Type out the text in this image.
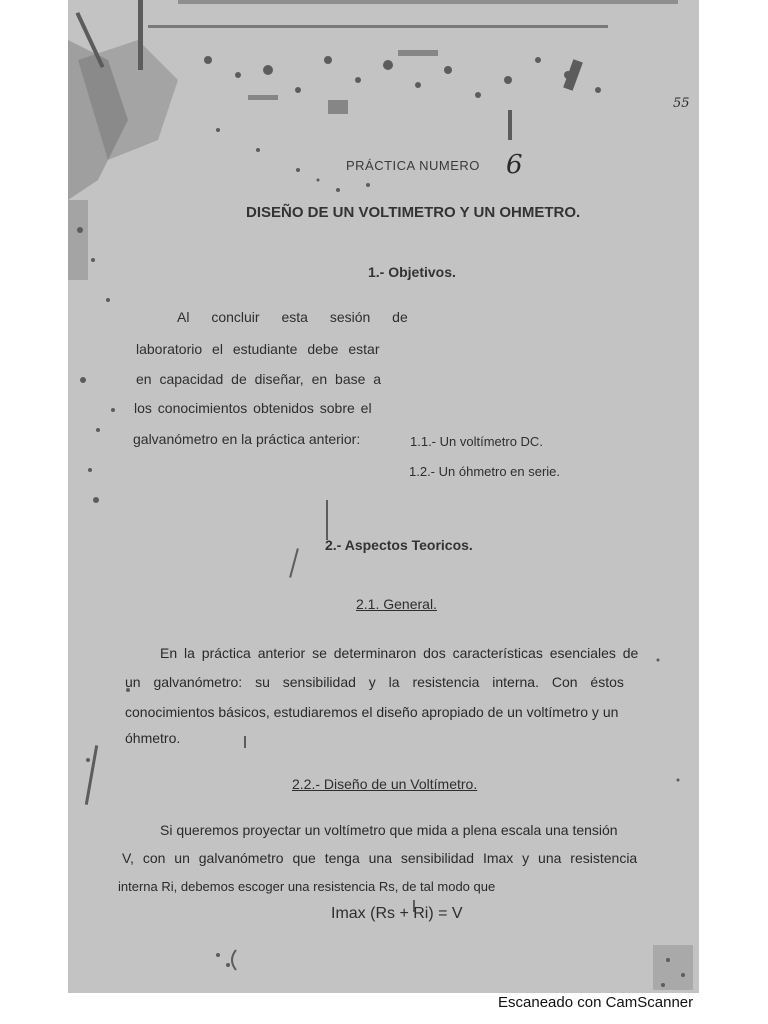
55
PRÁCTICA NUMERO 6
DISEÑO DE UN VOLTIMETRO Y UN OHMETRO.
1.- Objetivos.
Al concluir esta sesión de
laboratorio el estudiante debe estar
en capacidad de diseñar, en base a
los conocimientos obtenidos sobre el
galvanómetro en la práctica anterior:	1.1.- Un voltímetro DC.
1.2.- Un óhmetro en serie.
2.- Aspectos Teoricos.
2.1. General.
En la práctica anterior se determinaron dos características esenciales de
un galvanómetro: su sensibilidad y la resistencia interna. Con éstos
conocimientos básicos, estudiaremos el diseño apropiado de un voltímetro y un
óhmetro.
2.2.- Diseño de un Voltímetro.
Si queremos proyectar un voltímetro que mida a plena escala una tensión
V, con un galvanómetro que tenga una sensibilidad Imax y una resistencia
interna Ri, debemos escoger una resistencia Rs, de tal modo que
Imax (Rs + Ri) = V
Escaneado con CamScanner
